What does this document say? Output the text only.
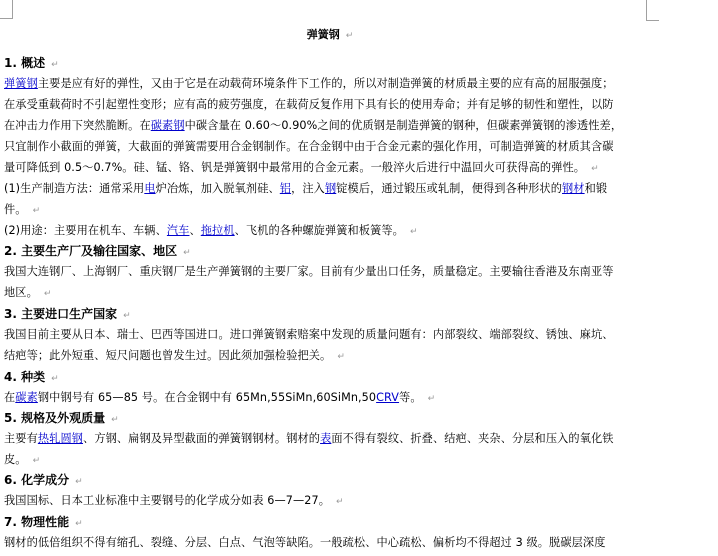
弹簧钢 ↵
1. 概述 ↵
弹簧钢主要是应有好的弹性，又由于它是在动载荷环境条件下工作的，所以对制造弹簧的材质最主要的应有高的屈服强度；
在承受重载荷时不引起塑性变形；应有高的疲劳强度，在载荷反复作用下具有长的使用寿命；并有足够的韧性和塑性，以防
在冲击力作用下突然脆断。在碳素钢中碳含量在 0.60～0.90%之间的优质钢是制造弹簧的钢种，但碳素弹簧钢的渗透性差，
只宜制作小截面的弹簧，大截面的弹簧需要用合金钢制作。在合金钢中由于合金元素的强化作用，可制造弹簧的材质其含碳
量可降低到 0.5～0.7%。硅、锰、铬、钒是弹簧钢中最常用的合金元素。一般淬火后进行中温回火可获得高的弹性。 ↵
(1)生产制造方法：通常采用电炉冶炼，加入脱氧剂硅、铝，注入钢锭模后，通过锻压或轧制，便得到各种形状的钢材和锻
件。 ↵
(2)用途：主要用在机车、车辆、汽车、拖拉机、飞机的各种螺旋弹簧和板簧等。 ↵
2. 主要生产厂及输往国家、地区 ↵
我国大连钢厂、上海钢厂、重庆钢厂是生产弹簧钢的主要厂家。目前有少量出口任务，质量稳定。主要输往香港及东南亚等
地区。 ↵
3. 主要进口生产国家 ↵
我国目前主要从日本、瑞士、巴西等国进口。进口弹簧钢索赔案中发现的质量问题有：内部裂纹、端部裂纹、锈蚀、麻坑、
结疤等；此外短重、短尺问题也曾发生过。因此须加强检验把关。 ↵
4. 种类 ↵
在碳素钢中钢号有 65—85 号。在合金钢中有 65Mn,55SiMn,60SiMn,50CRV等。 ↵
5. 规格及外观质量 ↵
主要有热轧圆钢、方钢、扁钢及异型截面的弹簧钢钢材。钢材的表面不得有裂纹、折叠、结疤、夹杂、分层和压入的氧化铁
皮。 ↵
6. 化学成分 ↵
我国国标、日本工业标准中主要钢号的化学成分如表 6—7—27。 ↵
7. 物理性能 ↵
钢材的低倍组织不得有缩孔、裂缝、分层、白点、气泡等缺陷。一般疏松、中心疏松、偏析均不得超过 3 级。脱碳层深度
